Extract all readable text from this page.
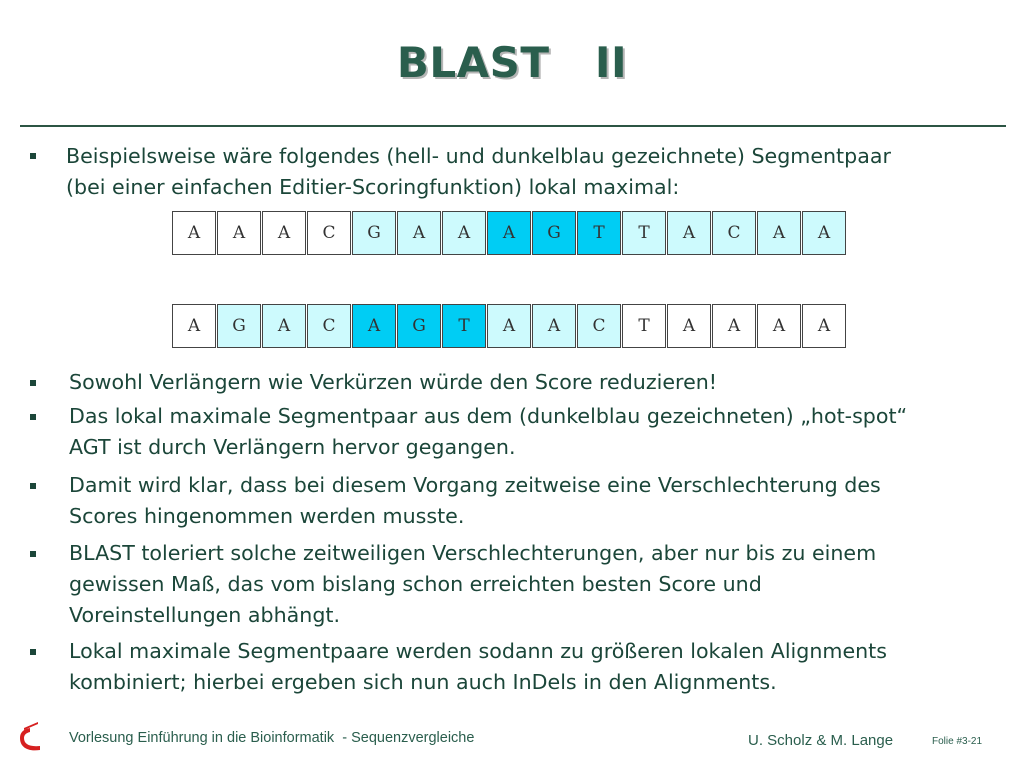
BLAST   II
Beispielsweise wäre folgendes (hell- und dunkelblau gezeichnete) Segmentpaar
(bei einer einfachen Editier-Scoringfunktion) lokal maximal:
A	A	A	C	G	A	A	A	G	T	T	A	C	A	A
A	G	A	C	A	G	T	A	A	C	T	A	A	A	A
Sowohl Verlängern wie Verkürzen würde den Score reduzieren!
Das lokal maximale Segmentpaar aus dem (dunkelblau gezeichneten) „hot-spot“
AGT ist durch Verlängern hervor gegangen.
Damit wird klar, dass bei diesem Vorgang zeitweise eine Verschlechterung des
Scores hingenommen werden musste.
BLAST toleriert solche zeitweiligen Verschlechterungen, aber nur bis zu einem
gewissen Maß, das vom bislang schon erreichten besten Score und
Voreinstellungen abhängt.
Lokal maximale Segmentpaare werden sodann zu größeren lokalen Alignments
kombiniert; hierbei ergeben sich nun auch InDels in den Alignments.
Vorlesung Einführung in die Bioinformatik  - Sequenzvergleiche	U. Scholz & M. Lange	Folie #3-21
